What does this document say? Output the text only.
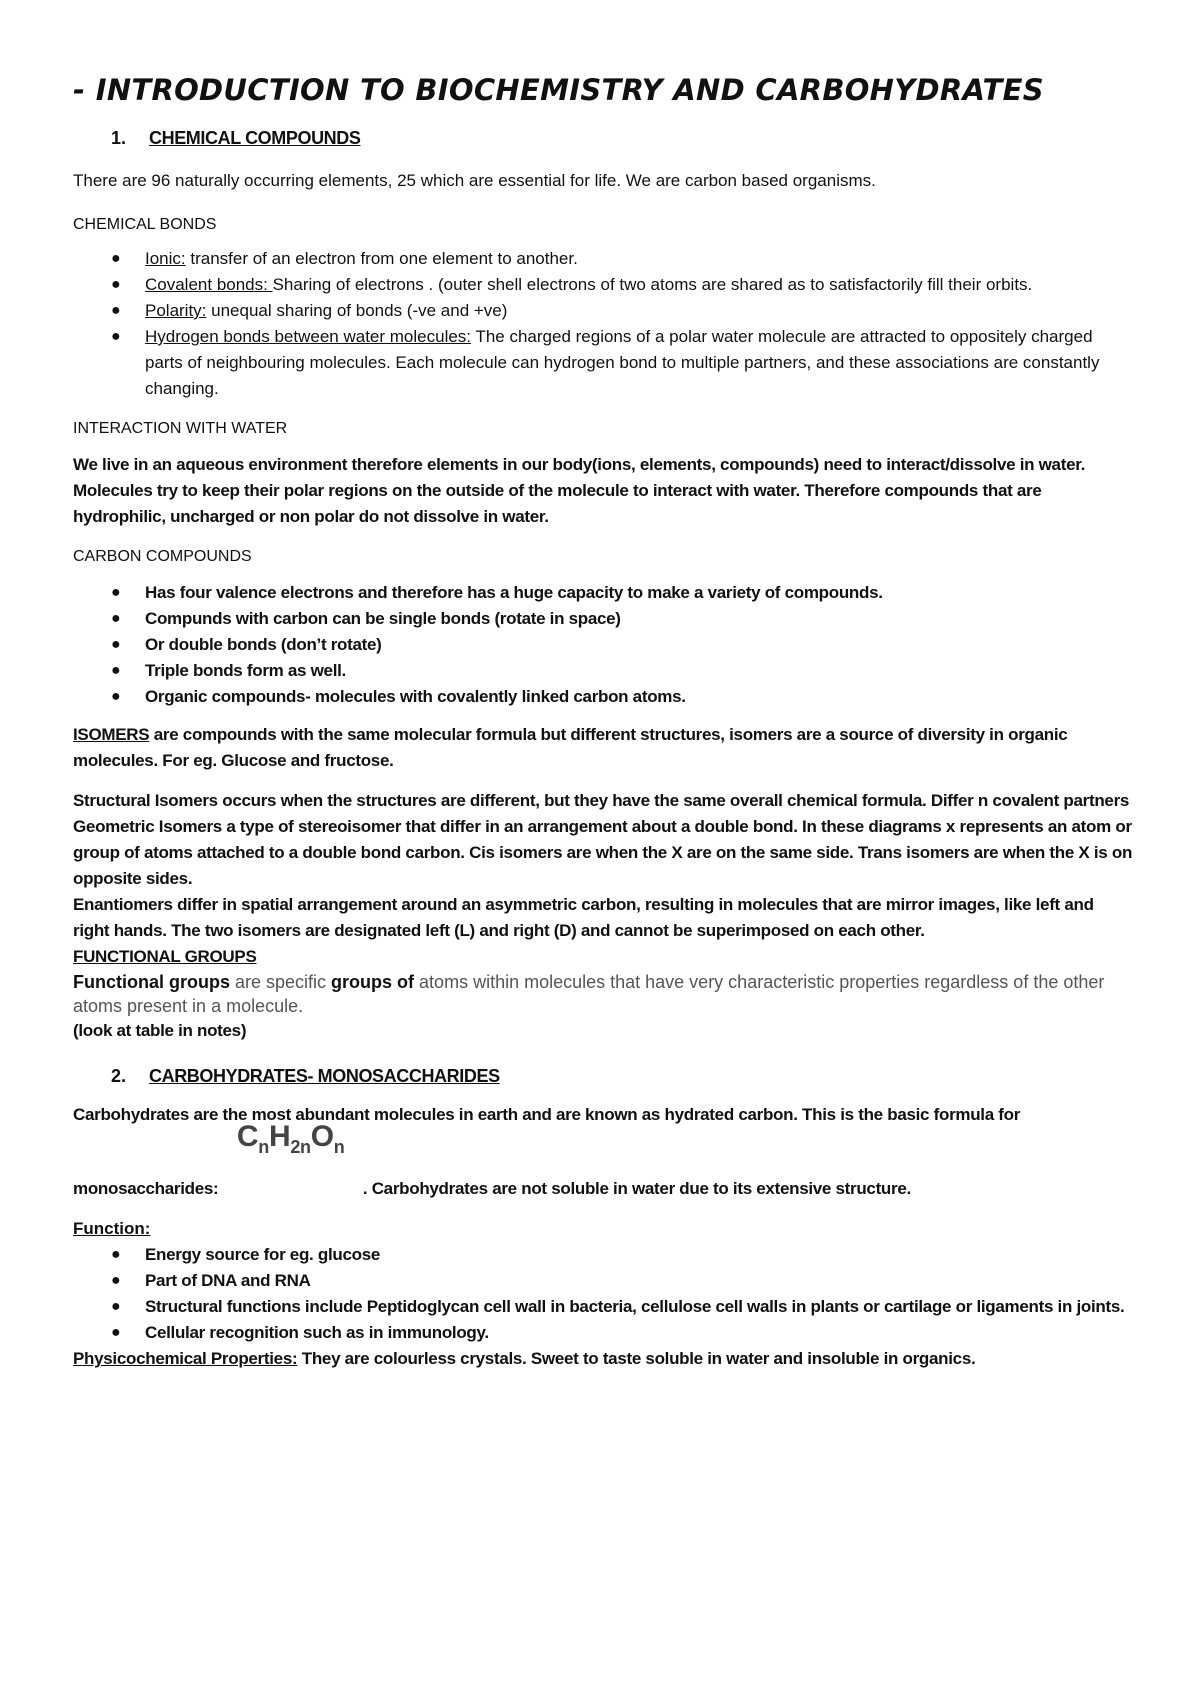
- INTRODUCTION TO BIOCHEMISTRY AND CARBOHYDRATES
1.	CHEMICAL COMPOUNDS

There are 96 naturally occurring elements, 25 which are essential for life. We are carbon based organisms.

CHEMICAL BONDS

● Ionic: transfer of an electron from one element to another.
● Covalent bonds: Sharing of electrons . (outer shell electrons of two atoms are shared as to satisfactorily fill their orbits.
● Polarity: unequal sharing of bonds (-ve and +ve)
● Hydrogen bonds between water molecules: The charged regions of a polar water molecule are attracted to oppositely charged parts of neighbouring molecules. Each molecule can hydrogen bond to multiple partners, and these associations are constantly changing.

INTERACTION WITH WATER

We live in an aqueous environment therefore elements in our body(ions, elements, compounds) need to interact/dissolve in water. Molecules try to keep their polar regions on the outside of the molecule to interact with water. Therefore compounds that are hydrophilic, uncharged or non polar do not dissolve in water.

CARBON COMPOUNDS

● Has four valence electrons and therefore has a huge capacity to make a variety of compounds.
● Compunds with carbon can be single bonds (rotate in space)
● Or double bonds (don’t rotate)
● Triple bonds form as well.
● Organic compounds- molecules with covalently linked carbon atoms.

ISOMERS are compounds with the same molecular formula but different structures, isomers are a source of diversity in organic molecules. For eg. Glucose and fructose.

Structural Isomers occurs when the structures are different, but they have the same overall chemical formula. Differ n covalent partners

Geometric Isomers a type of stereoisomer that differ in an arrangement about a double bond. In these diagrams x represents an atom or group of atoms attached to a double bond carbon. Cis isomers are when the X are on the same side. Trans isomers are when the X is on opposite sides.

Enantiomers differ in spatial arrangement around an asymmetric carbon, resulting in molecules that are mirror images, like left and right hands. The two isomers are designated left (L) and right (D) and cannot be superimposed on each other.

FUNCTIONAL GROUPS

Functional groups are specific groups of atoms within molecules that have very characteristic properties regardless of the other atoms present in a molecule.

(look at table in notes)

2.	CARBOHYDRATES- MONOSACCHARIDES

Carbohydrates are the most abundant molecules in earth and are known as hydrated carbon. This is the basic formula for

monosaccharides:
$C_nH_{2n}O_n$
. Carbohydrates are not soluble in water due to its extensive structure.

Function:

● Energy source for eg. glucose
● Part of DNA and RNA
● Structural functions include Peptidoglycan cell wall in bacteria, cellulose cell walls in plants or cartilage or ligaments in joints.
● Cellular recognition such as in immunology.

Physicochemical Properties: They are colourless crystals. Sweet to taste soluble in water and insoluble in organics.
